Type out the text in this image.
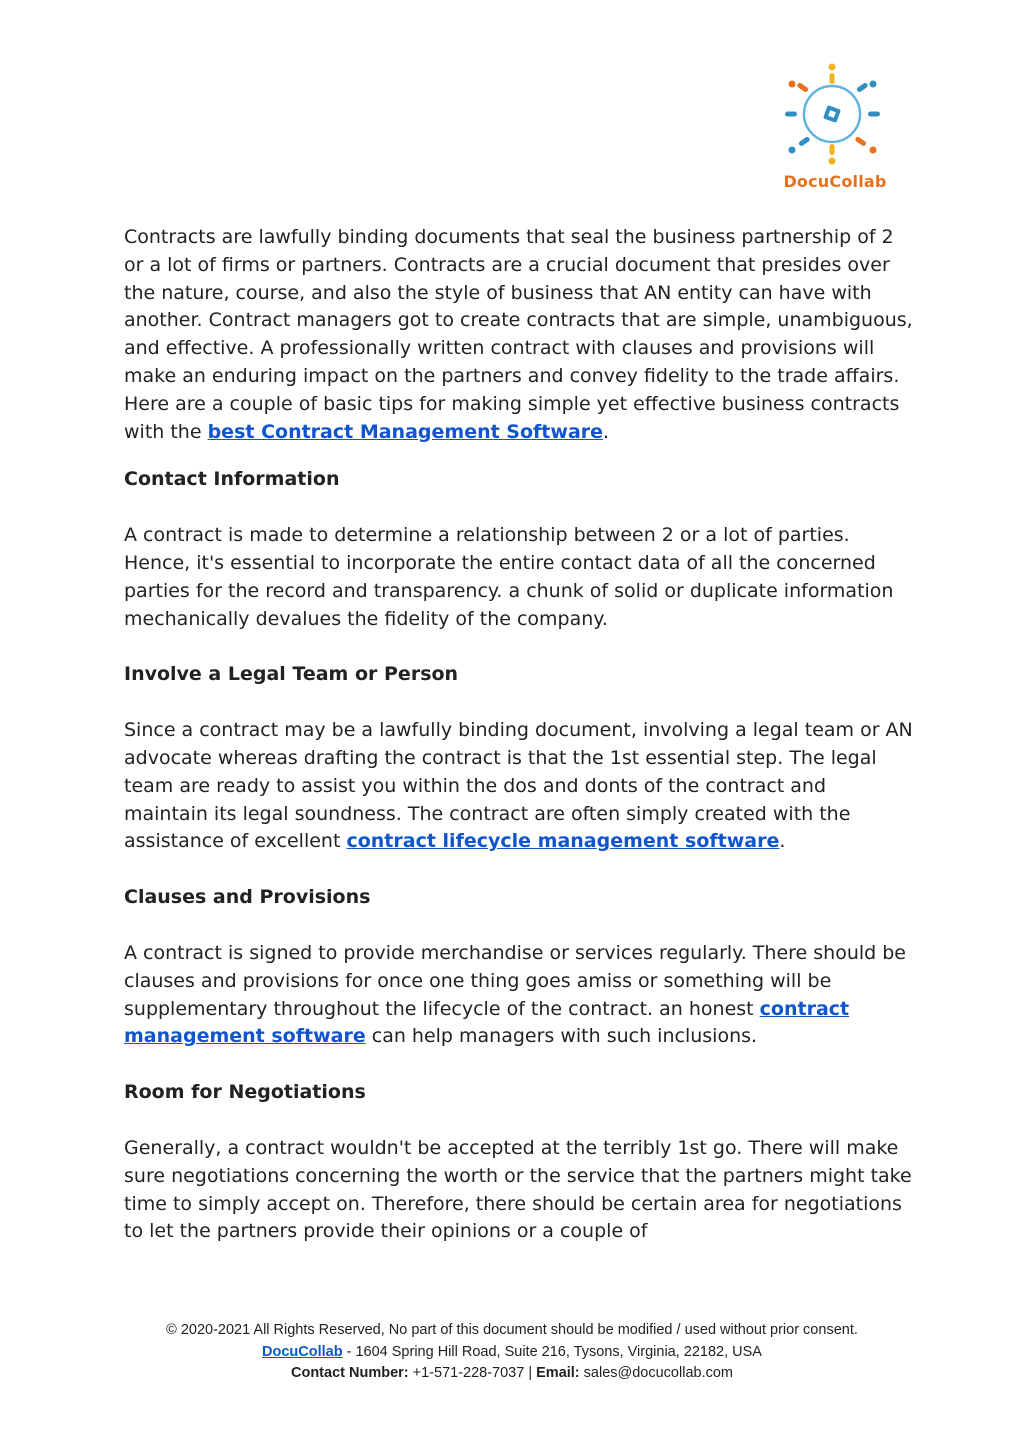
DocuCollab

Contracts are lawfully binding documents that seal the business partnership of 2 or a lot of firms or partners. Contracts are a crucial document that presides over the nature, course, and also the style of business that AN entity can have with another. Contract managers got to create contracts that are simple, unambiguous, and effective. A professionally written contract with clauses and provisions will make an enduring impact on the partners and convey fidelity to the trade affairs. Here are a couple of basic tips for making simple yet effective business contracts with the best Contract Management Software.

Contact Information

A contract is made to determine a relationship between 2 or a lot of parties. Hence, it's essential to incorporate the entire contact data of all the concerned parties for the record and transparency. a chunk of solid or duplicate information mechanically devalues the fidelity of the company.

Involve a Legal Team or Person

Since a contract may be a lawfully binding document, involving a legal team or AN advocate whereas drafting the contract is that the 1st essential step. The legal team are ready to assist you within the dos and donts of the contract and maintain its legal soundness. The contract are often simply created with the assistance of excellent contract lifecycle management software.

Clauses and Provisions

A contract is signed to provide merchandise or services regularly. There should be clauses and provisions for once one thing goes amiss or something will be supplementary throughout the lifecycle of the contract. an honest contract management software can help managers with such inclusions.

Room for Negotiations

Generally, a contract wouldn't be accepted at the terribly 1st go. There will make sure negotiations concerning the worth or the service that the partners might take time to simply accept on. Therefore, there should be certain area for negotiations to let the partners provide their opinions or a couple of

© 2020-2021 All Rights Reserved, No part of this document should be modified / used without prior consent.
DocuCollab - 1604 Spring Hill Road, Suite 216, Tysons, Virginia, 22182, USA
Contact Number: +1-571-228-7037 | Email: sales@docucollab.com
